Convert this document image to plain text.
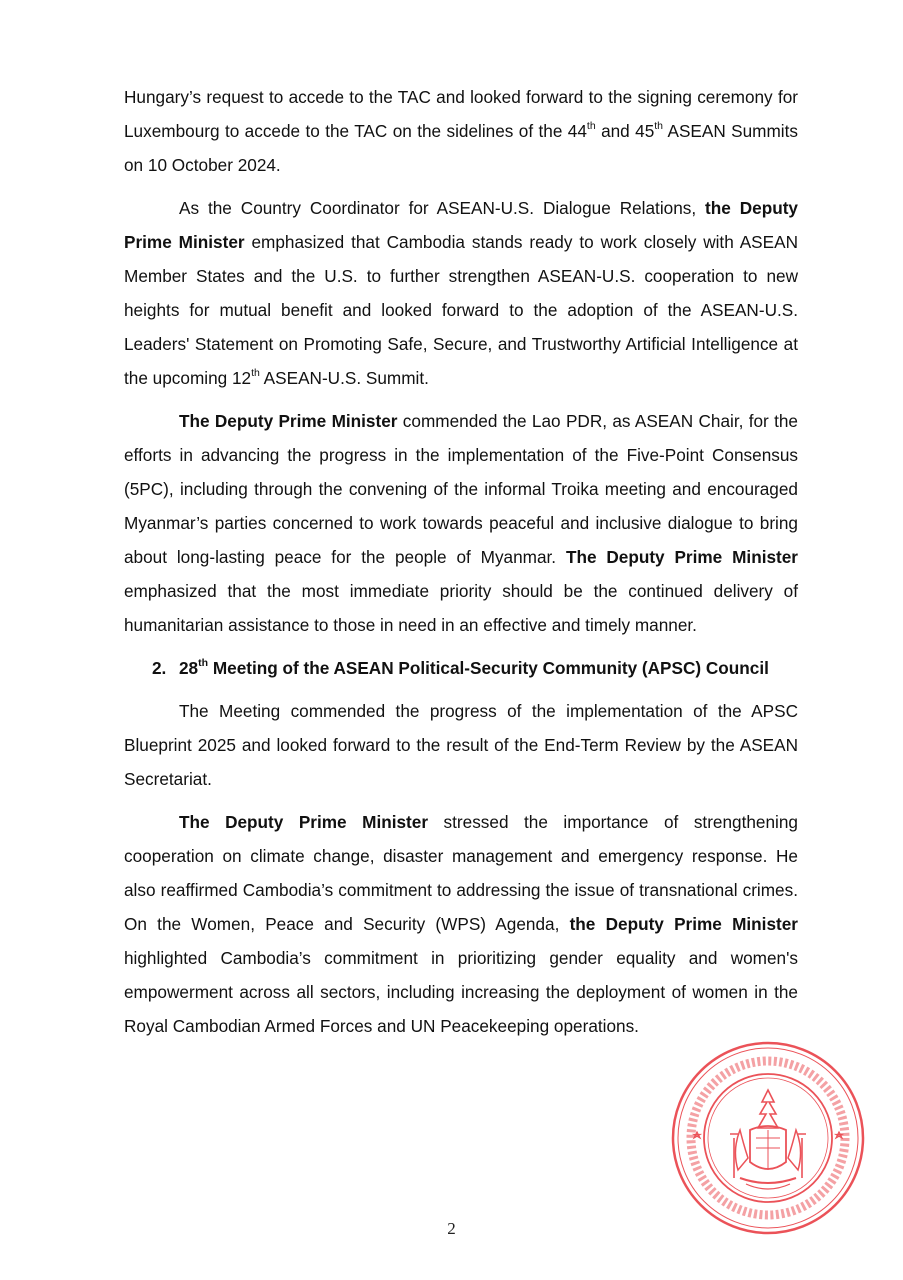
Hungary’s request to accede to the TAC and looked forward to the signing ceremony for Luxembourg to accede to the TAC on the sidelines of the 44th and 45th ASEAN Summits on 10 October 2024.

As the Country Coordinator for ASEAN-U.S. Dialogue Relations, the Deputy Prime Minister emphasized that Cambodia stands ready to work closely with ASEAN Member States and the U.S. to further strengthen ASEAN-U.S. cooperation to new heights for mutual benefit and looked forward to the adoption of the ASEAN-U.S. Leaders' Statement on Promoting Safe, Secure, and Trustworthy Artificial Intelligence at the upcoming 12th ASEAN-U.S. Summit.

The Deputy Prime Minister commended the Lao PDR, as ASEAN Chair, for the efforts in advancing the progress in the implementation of the Five-Point Consensus (5PC), including through the convening of the informal Troika meeting and encouraged Myanmar’s parties concerned to work towards peaceful and inclusive dialogue to bring about long-lasting peace for the people of Myanmar. The Deputy Prime Minister emphasized that the most immediate priority should be the continued delivery of humanitarian assistance to those in need in an effective and timely manner.

2. 28th Meeting of the ASEAN Political-Security Community (APSC) Council

The Meeting commended the progress of the implementation of the APSC Blueprint 2025 and looked forward to the result of the End-Term Review by the ASEAN Secretariat.

The Deputy Prime Minister stressed the importance of strengthening cooperation on climate change, disaster management and emergency response. He also reaffirmed Cambodia’s commitment to addressing the issue of transnational crimes. On the Women, Peace and Security (WPS) Agenda, the Deputy Prime Minister highlighted Cambodia’s commitment in prioritizing gender equality and women's empowerment across all sectors, including increasing the deployment of women in the Royal Cambodian Armed Forces and UN Peacekeeping operations.

2
